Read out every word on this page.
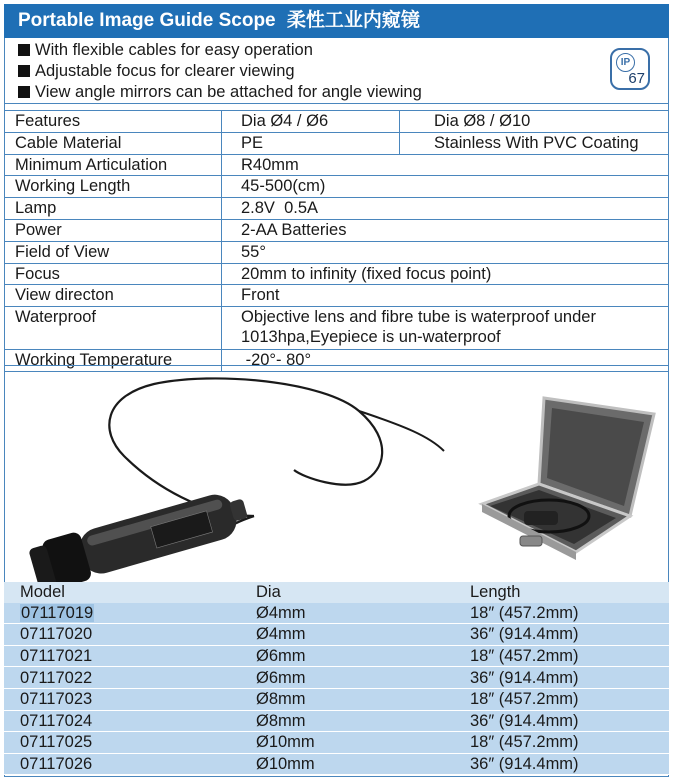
Portable Image Guide Scope 柔性工业内窥镜
With flexible cables for easy operation
Adjustable focus for clearer viewing
View angle mirrors can be attached for angle viewing
IP
67
Features	Dia Ø4 / Ø6	Dia Ø8 / Ø10
Cable Material	PE	Stainless With PVC Coating
Minimum Articulation	R40mm	
Working Length	45-500(cm)	
Lamp	2.8V  0.5A	
Power	2-AA Batteries	
Field of View	55°	
Focus	20mm to infinity (fixed focus point)	
View directon	Front	
Waterproof	Objective lens and fibre tube is waterproof under 1013hpa,Eyepiece is un-waterproof	
Working Temperature	-20°- 80°	
Model	Dia	Length
07117019	Ø4mm	18″ (457.2mm)
07117020	Ø4mm	36″ (914.4mm)
07117021	Ø6mm	18″ (457.2mm)
07117022	Ø6mm	36″ (914.4mm)
07117023	Ø8mm	18″ (457.2mm)
07117024	Ø8mm	36″ (914.4mm)
07117025	Ø10mm	18″ (457.2mm)
07117026	Ø10mm	36″ (914.4mm)
